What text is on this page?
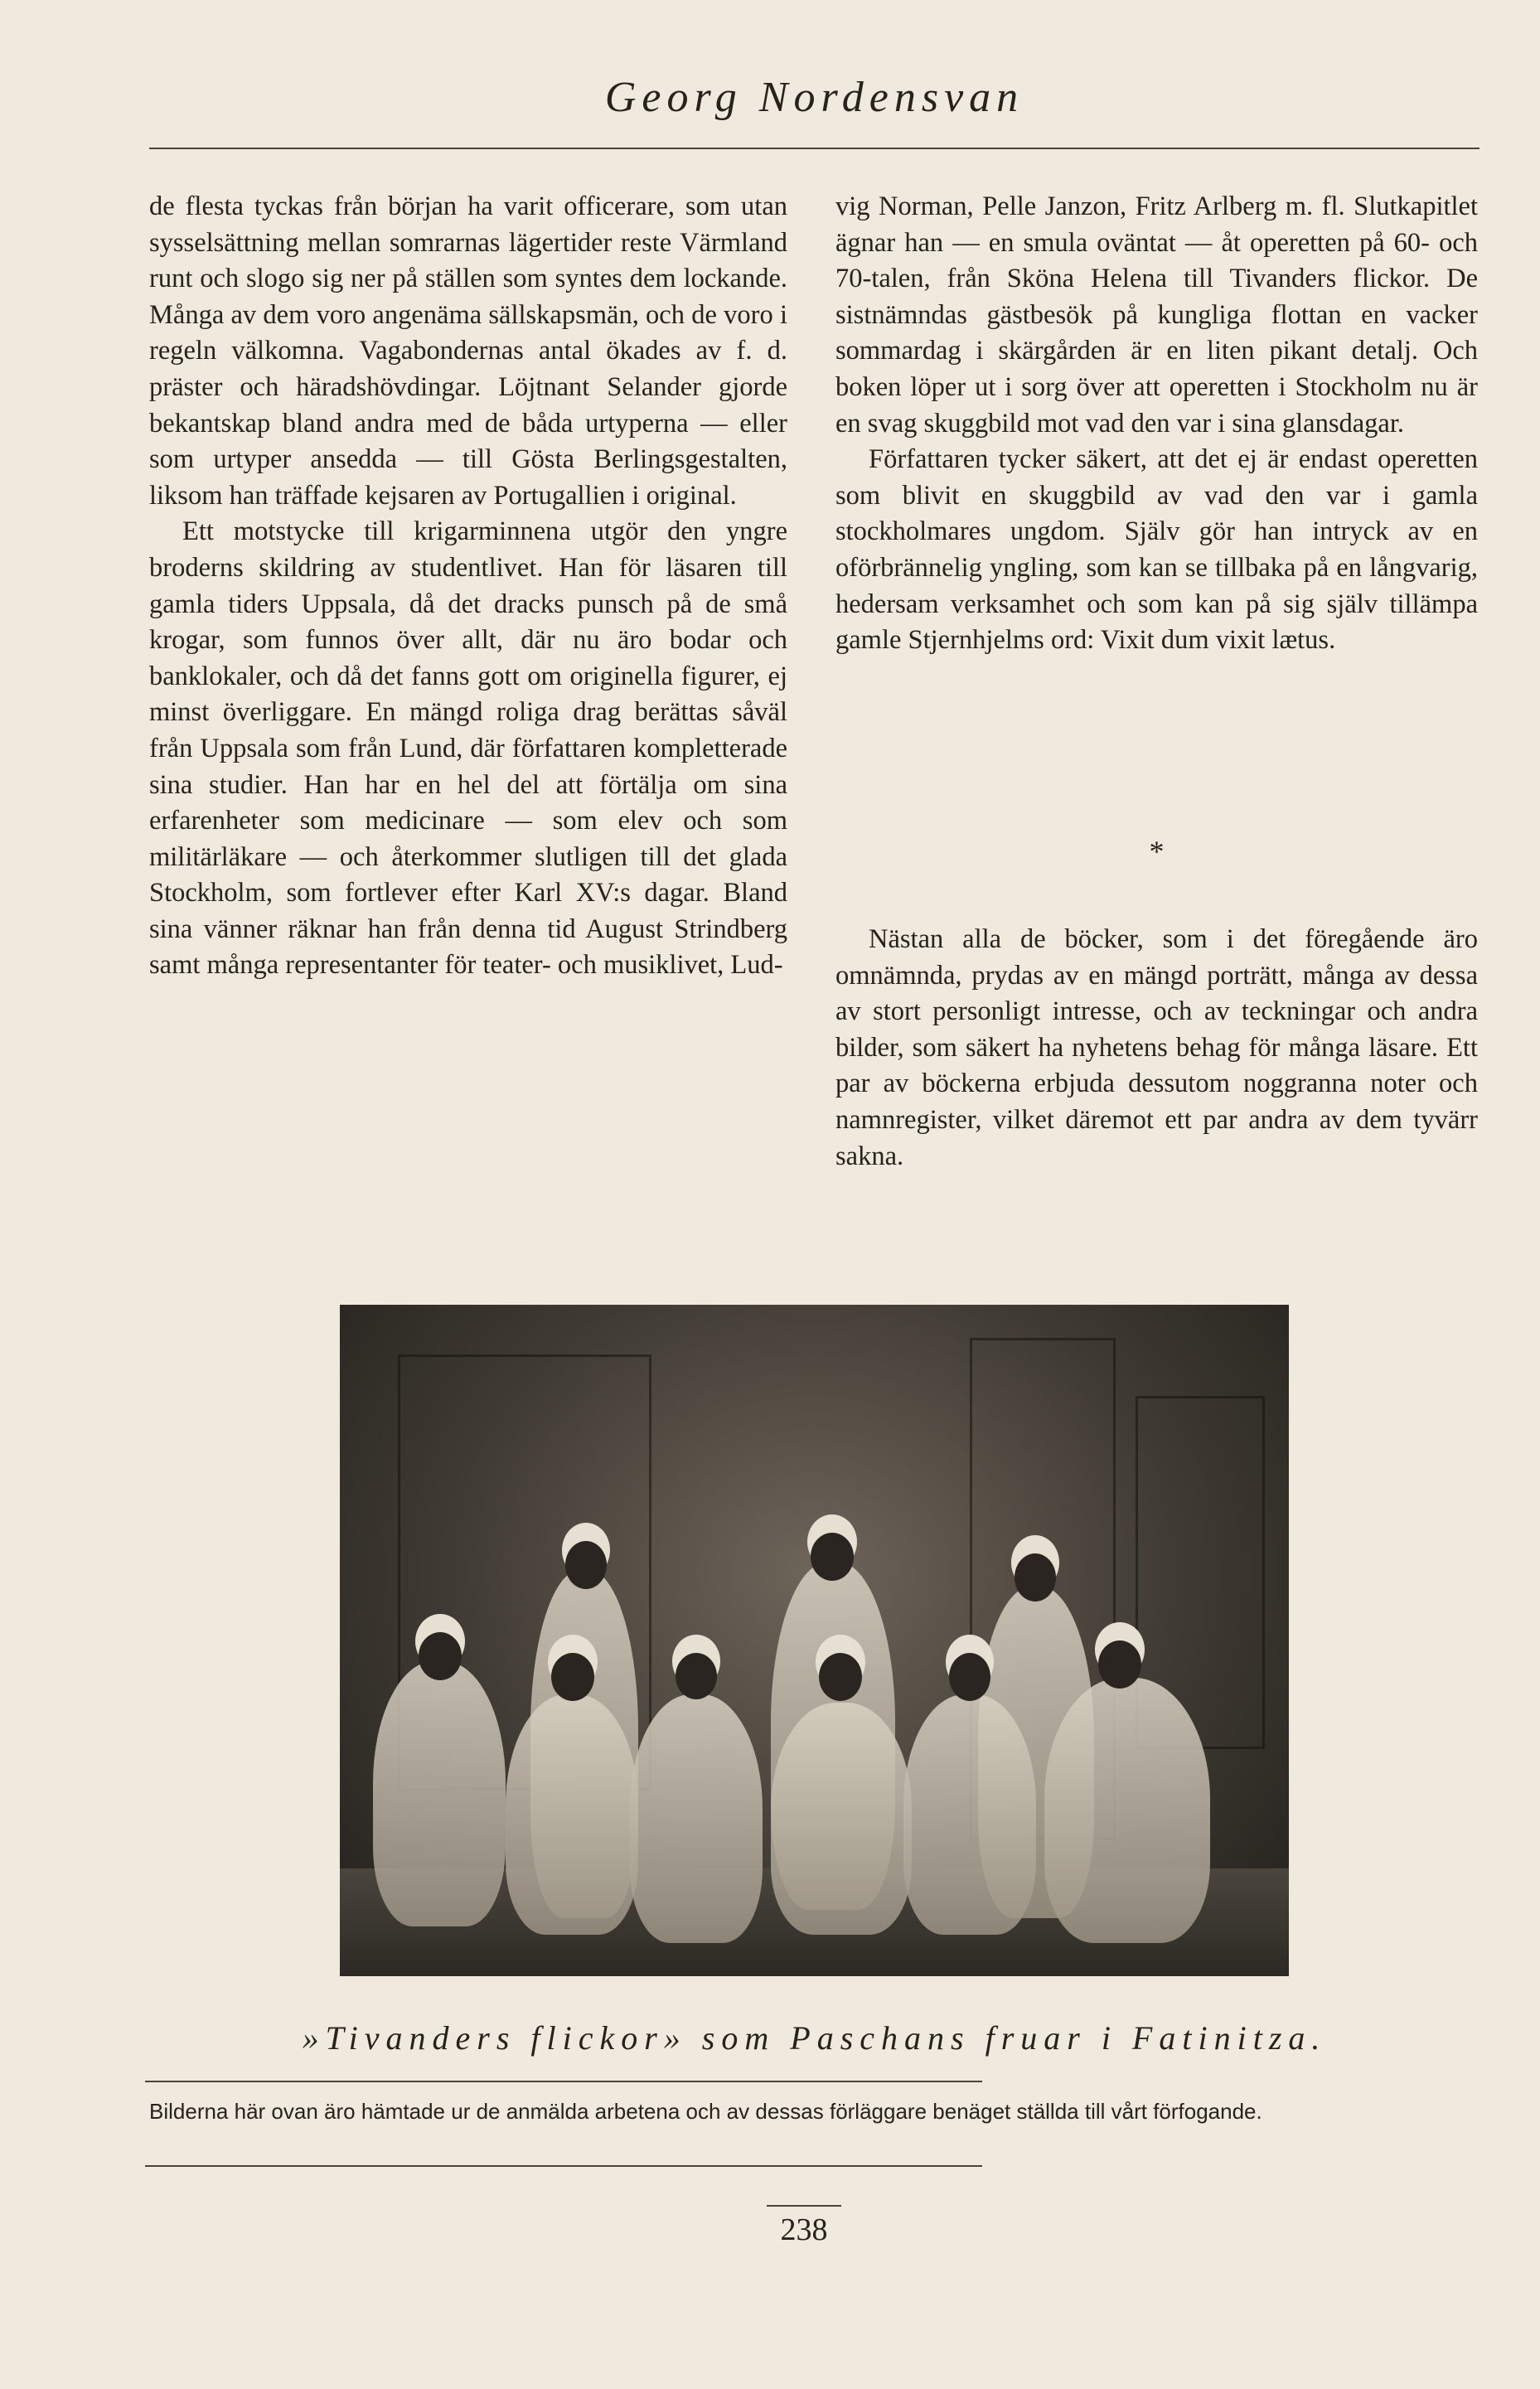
Georg Nordensvan

de flesta tyckas från början ha varit officerare, som utan sysselsättning mellan somrarnas lägertider reste Värmland runt och slogo sig ner på ställen som syntes dem lockande. Många av dem voro angenäma sällskapsmän, och de voro i regeln välkomna. Vagabondernas antal ökades av f. d. präster och häradshövdingar. Löjtnant Selander gjorde bekantskap bland andra med de båda urtyperna — eller som urtyper ansedda — till Gösta Berlingsgestalten, liksom han träffade kejsaren av Portugallien i original.

Ett motstycke till krigarminnena utgör den yngre broderns skildring av studentlivet. Han för läsaren till gamla tiders Uppsala, då det dracks punsch på de små krogar, som funnos över allt, där nu äro bodar och banklokaler, och då det fanns gott om originella figurer, ej minst överliggare. En mängd roliga drag berättas såväl från Uppsala som från Lund, där författaren kompletterade sina studier. Han har en hel del att förtälja om sina erfarenheter som medicinare — som elev och som militärläkare — och återkommer slutligen till det glada Stockholm, som fortlever efter Karl XV:s dagar. Bland sina vänner räknar han från denna tid August Strindberg samt många representanter för teater- och musiklivet, Lud-

vig Norman, Pelle Janzon, Fritz Arlberg m. fl. Slutkapitlet ägnar han — en smula oväntat — åt operetten på 60- och 70-talen, från Sköna Helena till Tivanders flickor. De sistnämndas gästbesök på kungliga flottan en vacker sommardag i skärgården är en liten pikant detalj. Och boken löper ut i sorg över att operetten i Stockholm nu är en svag skuggbild mot vad den var i sina glansdagar.

Författaren tycker säkert, att det ej är endast operetten som blivit en skuggbild av vad den var i gamla stockholmares ungdom. Själv gör han intryck av en oförbrännelig yngling, som kan se tillbaka på en långvarig, hedersam verksamhet och som kan på sig själv tillämpa gamle Stjernhjelms ord: Vixit dum vixit lætus.

*

Nästan alla de böcker, som i det föregående äro omnämnda, prydas av en mängd porträtt, många av dessa av stort personligt intresse, och av teckningar och andra bilder, som säkert ha nyhetens behag för många läsare. Ett par av böckerna erbjuda dessutom noggranna noter och namnregister, vilket däremot ett par andra av dem tyvärr sakna.

»Tivanders flickor» som Paschans fruar i Fatinitza.
Bilderna här ovan äro hämtade ur de anmälda arbetena och av dessas förläggare benäget ställda till vårt förfogande.
238
